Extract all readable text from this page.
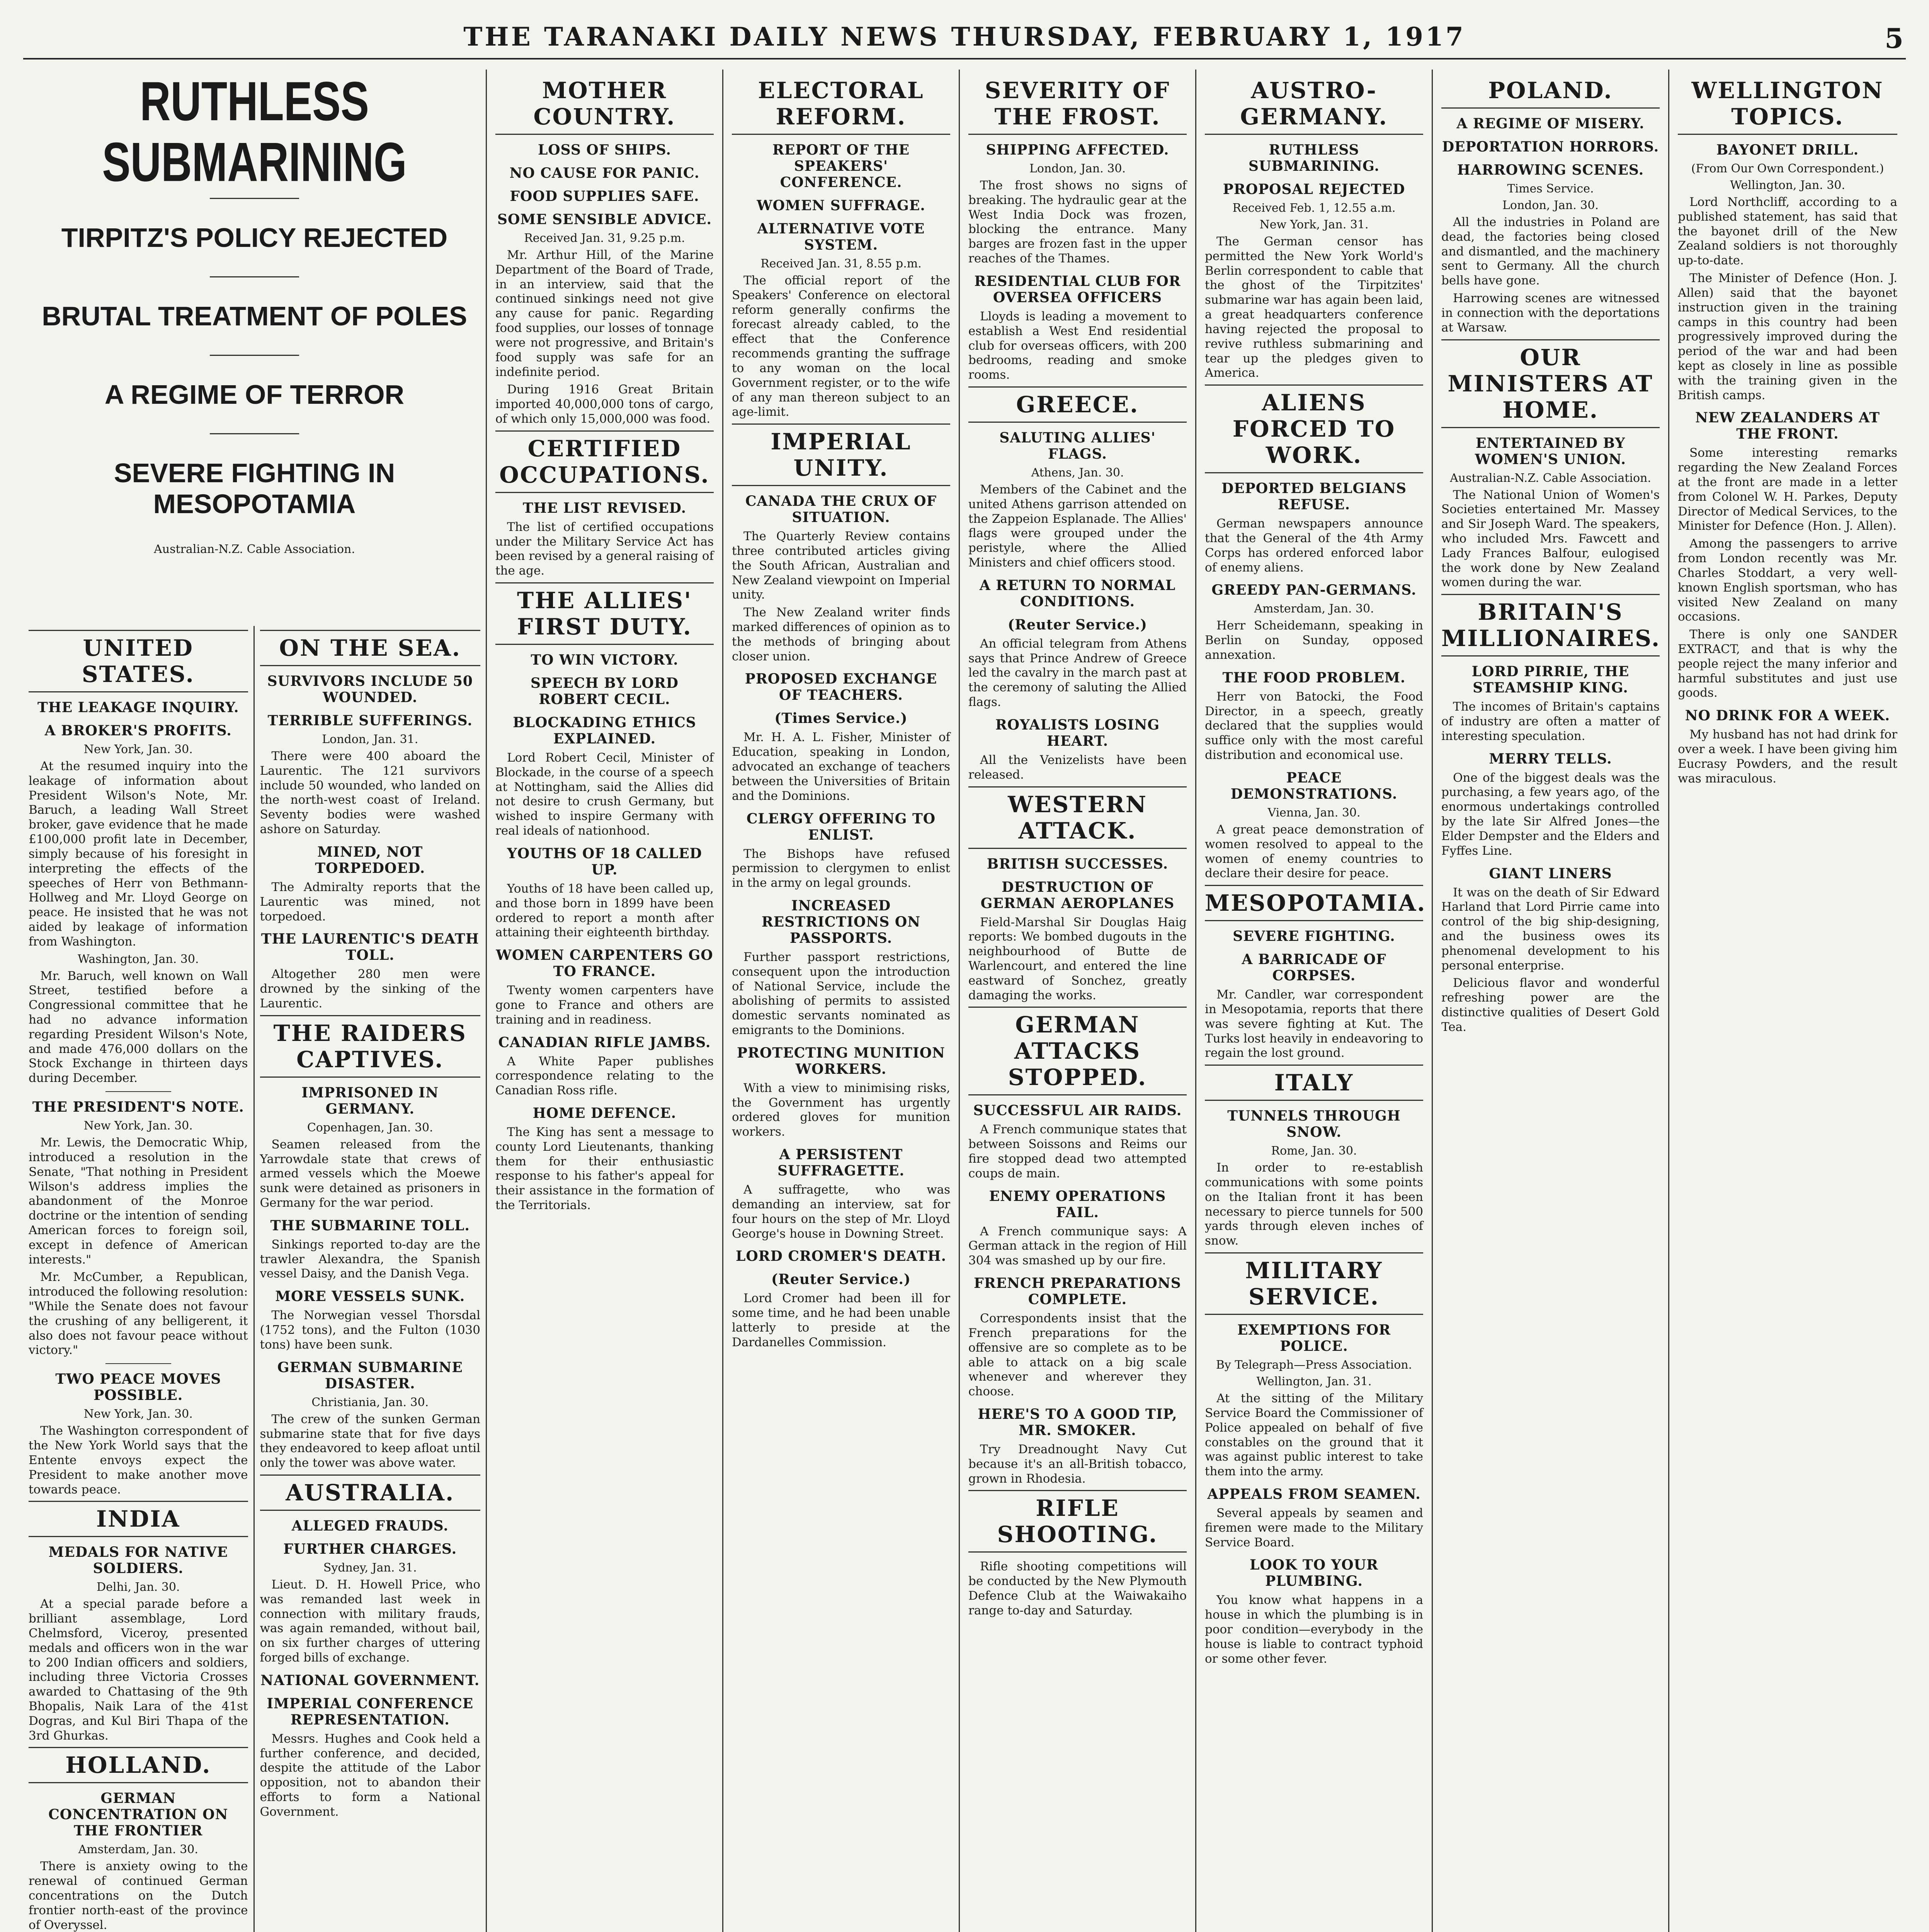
THE TARANAKI DAILY NEWS THURSDAY, FEBRUARY 1, 1917	5
RUTHLESS SUBMARINING
TIRPITZ'S POLICY REJECTED
BRUTAL TREATMENT OF POLES
A REGIME OF TERROR
SEVERE FIGHTING IN MESOPOTAMIA
Australian-N.Z. Cable Association.
UNITED STATES.
THE LEAKAGE INQUIRY.
A BROKER'S PROFITS.
New York, Jan. 30.

At the resumed inquiry into the leakage of information about President Wilson's Note, Mr. Baruch, a leading Wall Street broker, gave evidence that he made £100,000 profit late in December, simply because of his foresight in interpreting the effects of the speeches of Herr von Bethmann-Hollweg and Mr. Lloyd George on peace. He insisted that he was not aided by leakage of information from Washington.

Washington, Jan. 30.

Mr. Baruch, well known on Wall Street, testified before a Congressional committee that he had no advance information regarding President Wilson's Note, and made 476,000 dollars on the Stock Exchange in thirteen days during December.

THE PRESIDENT'S NOTE.
New York, Jan. 30.

Mr. Lewis, the Democratic Whip, introduced a resolution in the Senate, "That nothing in President Wilson's address implies the abandonment of the Monroe doctrine or the intention of sending American forces to foreign soil, except in defence of American interests."

Mr. McCumber, a Republican, introduced the following resolution: "While the Senate does not favour the crushing of any belligerent, it also does not favour peace without victory."

TWO PEACE MOVES POSSIBLE.
New York, Jan. 30.

The Washington correspondent of the New York World says that the Entente envoys expect the President to make another move towards peace.

INDIA
MEDALS FOR NATIVE SOLDIERS.
Delhi, Jan. 30.

At a special parade before a brilliant assemblage, Lord Chelmsford, Viceroy, presented medals and officers won in the war to 200 Indian officers and soldiers, including three Victoria Crosses awarded to Chattasing of the 9th Bhopalis, Naik Lara of the 41st Dogras, and Kul Biri Thapa of the 3rd Ghurkas.

HOLLAND.
GERMAN CONCENTRATION ON THE FRONTIER
Amsterdam, Jan. 30.

There is anxiety owing to the renewal of continued German concentrations on the Dutch frontier north-east of the province of Overyssel.

ON THE SEA.
SURVIVORS INCLUDE 50 WOUNDED.
TERRIBLE SUFFERINGS.
London, Jan. 31.

There were 400 aboard the Laurentic. The 121 survivors include 50 wounded, who landed on the north-west coast of Ireland. Seventy bodies were washed ashore on Saturday.

MINED, NOT TORPEDOED.

The Admiralty reports that the Laurentic was mined, not torpedoed.

THE LAURENTIC'S DEATH TOLL.

Altogether 280 men were drowned by the sinking of the Laurentic.

THE RAIDERS CAPTIVES.
IMPRISONED IN GERMANY.
Copenhagen, Jan. 30.

Seamen released from the Yarrowdale state that crews of armed vessels which the Moewe sunk were detained as prisoners in Germany for the war period.

THE SUBMARINE TOLL.

Sinkings reported to-day are the trawler Alexandra, the Spanish vessel Daisy, and the Danish Vega.

MORE VESSELS SUNK.

The Norwegian vessel Thorsdal (1752 tons), and the Fulton (1030 tons) have been sunk.

GERMAN SUBMARINE DISASTER.
Christiania, Jan. 30.

The crew of the sunken German submarine state that for five days they endeavored to keep afloat until only the tower was above water.

AUSTRALIA.
ALLEGED FRAUDS.
FURTHER CHARGES.
Sydney, Jan. 31.

Lieut. D. H. Howell Price, who was remanded last week in connection with military frauds, was again remanded, without bail, on six further charges of uttering forged bills of exchange.

NATIONAL GOVERNMENT.
IMPERIAL CONFERENCE REPRESENTATION.

Messrs. Hughes and Cook held a further conference, and decided, despite the attitude of the Labor opposition, not to abandon their efforts to form a National Government.

MOTHER COUNTRY.
LOSS OF SHIPS.
NO CAUSE FOR PANIC.
FOOD SUPPLIES SAFE.
SOME SENSIBLE ADVICE.
Received Jan. 31, 9.25 p.m.

Mr. Arthur Hill, of the Marine Department of the Board of Trade, in an interview, said that the continued sinkings need not give any cause for panic. Regarding food supplies, our losses of tonnage were not progressive, and Britain's food supply was safe for an indefinite period.

During 1916 Great Britain imported 40,000,000 tons of cargo, of which only 15,000,000 was food.

CERTIFIED OCCUPATIONS.
THE LIST REVISED.

The list of certified occupations under the Military Service Act has been revised by a general raising of the age.

THE ALLIES' FIRST DUTY.
TO WIN VICTORY.
SPEECH BY LORD ROBERT CECIL.
BLOCKADING ETHICS EXPLAINED.

Lord Robert Cecil, Minister of Blockade, in the course of a speech at Nottingham, said the Allies did not desire to crush Germany, but wished to inspire Germany with real ideals of nationhood.

YOUTHS OF 18 CALLED UP.

Youths of 18 have been called up, and those born in 1899 have been ordered to report a month after attaining their eighteenth birthday.

WOMEN CARPENTERS GO TO FRANCE.

Twenty women carpenters have gone to France and others are training and in readiness.

CANADIAN RIFLE JAMBS.

A White Paper publishes correspondence relating to the Canadian Ross rifle.

HOME DEFENCE.

The King has sent a message to county Lord Lieutenants, thanking them for their enthusiastic response to his father's appeal for their assistance in the formation of the Territorials.

ELECTORAL REFORM.
REPORT OF THE SPEAKERS' CONFERENCE.
WOMEN SUFFRAGE.
ALTERNATIVE VOTE SYSTEM.
Received Jan. 31, 8.55 p.m.

The official report of the Speakers' Conference on electoral reform generally confirms the forecast already cabled, to the effect that the Conference recommends granting the suffrage to any woman on the local Government register, or to the wife of any man thereon subject to an age-limit.

IMPERIAL UNITY.
CANADA THE CRUX OF SITUATION.

The Quarterly Review contains three contributed articles giving the South African, Australian and New Zealand viewpoint on Imperial unity.

The New Zealand writer finds marked differences of opinion as to the methods of bringing about closer union.

PROPOSED EXCHANGE OF TEACHERS.
(Times Service.)

Mr. H. A. L. Fisher, Minister of Education, speaking in London, advocated an exchange of teachers between the Universities of Britain and the Dominions.

CLERGY OFFERING TO ENLIST.

The Bishops have refused permission to clergymen to enlist in the army on legal grounds.

INCREASED RESTRICTIONS ON PASSPORTS.

Further passport restrictions, consequent upon the introduction of National Service, include the abolishing of permits to assisted domestic servants nominated as emigrants to the Dominions.

PROTECTING MUNITION WORKERS.

With a view to minimising risks, the Government has urgently ordered gloves for munition workers.

A PERSISTENT SUFFRAGETTE.

A suffragette, who was demanding an interview, sat for four hours on the step of Mr. Lloyd George's house in Downing Street.

LORD CROMER'S DEATH.
(Reuter Service.)

Lord Cromer had been ill for some time, and he had been unable latterly to preside at the Dardanelles Commission.

SEVERITY OF THE FROST.
SHIPPING AFFECTED.
London, Jan. 30.

The frost shows no signs of breaking. The hydraulic gear at the West India Dock was frozen, blocking the entrance. Many barges are frozen fast in the upper reaches of the Thames.

RESIDENTIAL CLUB FOR OVERSEA OFFICERS

Lloyds is leading a movement to establish a West End residential club for overseas officers, with 200 bedrooms, reading and smoke rooms.

GREECE.
SALUTING ALLIES' FLAGS.
Athens, Jan. 30.

Members of the Cabinet and the united Athens garrison attended on the Zappeion Esplanade. The Allies' flags were grouped under the peristyle, where the Allied Ministers and chief officers stood.

A RETURN TO NORMAL CONDITIONS.
(Reuter Service.)

An official telegram from Athens says that Prince Andrew of Greece led the cavalry in the march past at the ceremony of saluting the Allied flags.

ROYALISTS LOSING HEART.

All the Venizelists have been released.

WESTERN ATTACK.
BRITISH SUCCESSES.
DESTRUCTION OF GERMAN AEROPLANES

Field-Marshal Sir Douglas Haig reports: We bombed dugouts in the neighbourhood of Butte de Warlencourt, and entered the line eastward of Sonchez, greatly damaging the works.

GERMAN ATTACKS STOPPED.
SUCCESSFUL AIR RAIDS.

A French communique states that between Soissons and Reims our fire stopped dead two attempted coups de main.

ENEMY OPERATIONS FAIL.

A French communique says: A German attack in the region of Hill 304 was smashed up by our fire.

FRENCH PREPARATIONS COMPLETE.

Correspondents insist that the French preparations for the offensive are so complete as to be able to attack on a big scale whenever and wherever they choose.

HERE'S TO A GOOD TIP, MR. SMOKER.

Try Dreadnought Navy Cut because it's an all-British tobacco, grown in Rhodesia.

RIFLE SHOOTING.

Rifle shooting competitions will be conducted by the New Plymouth Defence Club at the Waiwakaiho range to-day and Saturday.

AUSTRO-GERMANY.
RUTHLESS SUBMARINING.
PROPOSAL REJECTED
Received Feb. 1, 12.55 a.m.
New York, Jan. 31.

The German censor has permitted the New York World's Berlin correspondent to cable that the ghost of the Tirpitzites' submarine war has again been laid, a great headquarters conference having rejected the proposal to revive ruthless submarining and tear up the pledges given to America.

ALIENS FORCED TO WORK.
DEPORTED BELGIANS REFUSE.

German newspapers announce that the General of the 4th Army Corps has ordered enforced labor of enemy aliens.

GREEDY PAN-GERMANS.
Amsterdam, Jan. 30.

Herr Scheidemann, speaking in Berlin on Sunday, opposed annexation.

THE FOOD PROBLEM.

Herr von Batocki, the Food Director, in a speech, greatly declared that the supplies would suffice only with the most careful distribution and economical use.

PEACE DEMONSTRATIONS.
Vienna, Jan. 30.

A great peace demonstration of women resolved to appeal to the women of enemy countries to declare their desire for peace.

MESOPOTAMIA.
SEVERE FIGHTING.
A BARRICADE OF CORPSES.

Mr. Candler, war correspondent in Mesopotamia, reports that there was severe fighting at Kut. The Turks lost heavily in endeavoring to regain the lost ground.

ITALY
TUNNELS THROUGH SNOW.
Rome, Jan. 30.

In order to re-establish communications with some points on the Italian front it has been necessary to pierce tunnels for 500 yards through eleven inches of snow.

MILITARY SERVICE.
EXEMPTIONS FOR POLICE.
By Telegraph—Press Association.
Wellington, Jan. 31.

At the sitting of the Military Service Board the Commissioner of Police appealed on behalf of five constables on the ground that it was against public interest to take them into the army.

APPEALS FROM SEAMEN.

Several appeals by seamen and firemen were made to the Military Service Board.

LOOK TO YOUR PLUMBING.

You know what happens in a house in which the plumbing is in poor condition—everybody in the house is liable to contract typhoid or some other fever.

POLAND.
A REGIME OF MISERY.
DEPORTATION HORRORS.
HARROWING SCENES.
Times Service.
London, Jan. 30.

All the industries in Poland are dead, the factories being closed and dismantled, and the machinery sent to Germany. All the church bells have gone.

Harrowing scenes are witnessed in connection with the deportations at Warsaw.

OUR MINISTERS AT HOME.
ENTERTAINED BY WOMEN'S UNION.
Australian-N.Z. Cable Association.

The National Union of Women's Societies entertained Mr. Massey and Sir Joseph Ward. The speakers, who included Mrs. Fawcett and Lady Frances Balfour, eulogised the work done by New Zealand women during the war.

BRITAIN'S MILLIONAIRES.
LORD PIRRIE, THE STEAMSHIP KING.

The incomes of Britain's captains of industry are often a matter of interesting speculation.

MERRY TELLS.

One of the biggest deals was the purchasing, a few years ago, of the enormous undertakings controlled by the late Sir Alfred Jones—the Elder Dempster and the Elders and Fyffes Line.

GIANT LINERS

It was on the death of Sir Edward Harland that Lord Pirrie came into control of the big ship-designing, and the business owes its phenomenal development to his personal enterprise.

Delicious flavor and wonderful refreshing power are the distinctive qualities of Desert Gold Tea.

WELLINGTON TOPICS.
BAYONET DRILL.
(From Our Own Correspondent.)
Wellington, Jan. 30.

Lord Northcliff, according to a published statement, has said that the bayonet drill of the New Zealand soldiers is not thoroughly up-to-date.

The Minister of Defence (Hon. J. Allen) said that the bayonet instruction given in the training camps in this country had been progressively improved during the period of the war and had been kept as closely in line as possible with the training given in the British camps.

NEW ZEALANDERS AT THE FRONT.

Some interesting remarks regarding the New Zealand Forces at the front are made in a letter from Colonel W. H. Parkes, Deputy Director of Medical Services, to the Minister for Defence (Hon. J. Allen).

Among the passengers to arrive from London recently was Mr. Charles Stoddart, a very well-known English sportsman, who has visited New Zealand on many occasions.

There is only one SANDER EXTRACT, and that is why the people reject the many inferior and harmful substitutes and just use goods.

NO DRINK FOR A WEEK.

My husband has not had drink for over a week. I have been giving him Eucrasy Powders, and the result was miraculous.
